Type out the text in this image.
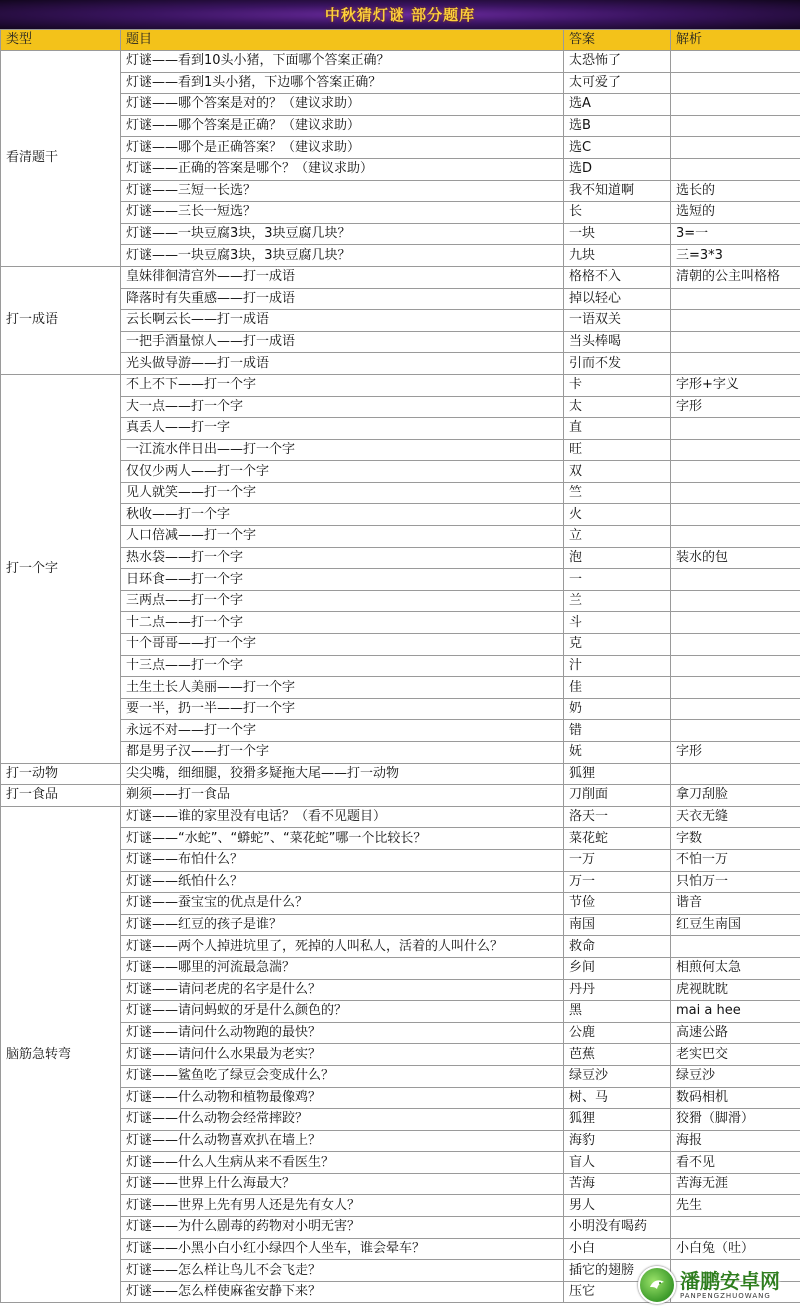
中秋猜灯谜 部分题库
类型	题目	答案	解析
看清题干	灯谜——看到10头小猪，下面哪个答案正确？	太恐怖了	
	灯谜——看到1头小猪，下边哪个答案正确？	太可爱了	
	灯谜——哪个答案是对的？（建议求助）	选A	
	灯谜——哪个答案是正确？（建议求助）	选B	
	灯谜——哪个是正确答案？（建议求助）	选C	
	灯谜——正确的答案是哪个？（建议求助）	选D	
	灯谜——三短一长选？	我不知道啊	选长的
	灯谜——三长一短选？	长	选短的
	灯谜——一块豆腐3块，3块豆腐几块？	一块	3=一
	灯谜——一块豆腐3块，3块豆腐几块？	九块	三=3*3
打一成语	皇妹徘徊清宫外——打一成语	格格不入	清朝的公主叫格格
	降落时有失重感——打一成语	掉以轻心	
	云长啊云长——打一成语	一语双关	
	一把手酒量惊人——打一成语	当头棒喝	
	光头做导游——打一成语	引而不发	
打一个字	不上不下——打一个字	卡	字形+字义
	大一点——打一个字	太	字形
	真丢人——打一字	直	
	一江流水伴日出——打一个字	旺	
	仅仅少两人——打一个字	双	
	见人就笑——打一个字	竺	
	秋收——打一个字	火	
	人口倍减——打一个字	立	
	热水袋——打一个字	泡	装水的包
	日环食——打一个字	一	
	三两点——打一个字	兰	
	十二点——打一个字	斗	
	十个哥哥——打一个字	克	
	十三点——打一个字	汁	
	土生土长人美丽——打一个字	佳	
	要一半，扔一半——打一个字	奶	
	永远不对——打一个字	错	
	都是男子汉——打一个字	妩	字形
打一动物	尖尖嘴，细细腿，狡猾多疑拖大尾——打一动物	狐狸	
打一食品	剃须——打一食品	刀削面	拿刀刮脸
脑筋急转弯	灯谜——谁的家里没有电话？（看不见题目）	洛天一	天衣无缝
	灯谜——“水蛇”、“蟒蛇”、“菜花蛇”哪一个比较长？	菜花蛇	字数
	灯谜——布怕什么？	一万	不怕一万
	灯谜——纸怕什么？	万一	只怕万一
	灯谜——蚕宝宝的优点是什么？	节俭	谐音
	灯谜——红豆的孩子是谁？	南国	红豆生南国
	灯谜——两个人掉进坑里了，死掉的人叫私人，活着的人叫什么？	救命	
	灯谜——哪里的河流最急湍？	乡间	相煎何太急
	灯谜——请问老虎的名字是什么？	丹丹	虎视眈眈
	灯谜——请问蚂蚁的牙是什么颜色的？	黑	mai a hee
	灯谜——请问什么动物跑的最快？	公鹿	高速公路
	灯谜——请问什么水果最为老实？	芭蕉	老实巴交
	灯谜——鲨鱼吃了绿豆会变成什么？	绿豆沙	绿豆沙
	灯谜——什么动物和植物最像鸡？	树、马	数码相机
	灯谜——什么动物会经常摔跤？	狐狸	狡猾（脚滑）
	灯谜——什么动物喜欢扒在墙上？	海豹	海报
	灯谜——什么人生病从来不看医生？	盲人	看不见
	灯谜——世界上什么海最大？	苦海	苦海无涯
	灯谜——世界上先有男人还是先有女人？	男人	先生
	灯谜——为什么剧毒的药物对小明无害？	小明没有喝药	
	灯谜——小黑小白小红小绿四个人坐车，谁会晕车？	小白	小白兔（吐）
	灯谜——怎么样让鸟儿不会飞走？	插它的翅膀	
	灯谜——怎么样使麻雀安静下来？	压它		潘鹏安卓网
PANPENGZHUOWANG
